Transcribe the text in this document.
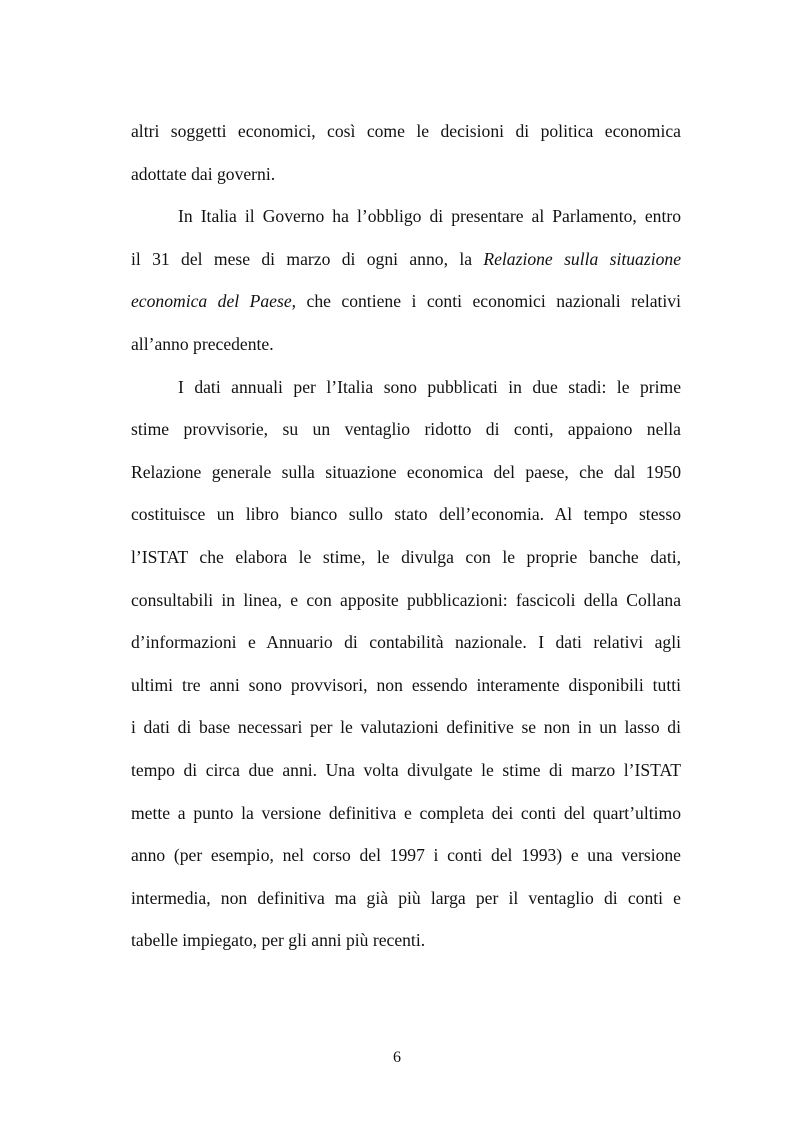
altri soggetti economici, così come le decisioni di politica economica
adottate dai governi.
In Italia il Governo ha l’obbligo di presentare al Parlamento, entro
il 31 del mese di marzo di ogni anno, la Relazione sulla situazione
economica del Paese, che contiene i conti economici nazionali relativi
all’anno precedente.
I dati annuali per l’Italia sono pubblicati in due stadi: le prime
stime provvisorie, su un ventaglio ridotto di conti, appaiono nella
Relazione generale sulla situazione economica del paese, che dal 1950
costituisce un libro bianco sullo stato dell’economia. Al tempo stesso
l’ISTAT che elabora le stime, le divulga con le proprie banche dati,
consultabili in linea, e con apposite pubblicazioni: fascicoli della Collana
d’informazioni e Annuario di contabilità nazionale. I dati relativi agli
ultimi tre anni sono provvisori, non essendo interamente disponibili tutti
i dati di base necessari per le valutazioni definitive se non in un lasso di
tempo di circa due anni. Una volta divulgate le stime di marzo l’ISTAT
mette a punto la versione definitiva e completa dei conti del quart’ultimo
anno (per esempio, nel corso del 1997 i conti del 1993) e una versione
intermedia, non definitiva ma già più larga per il ventaglio di conti e
tabelle impiegato, per gli anni più recenti.
6
